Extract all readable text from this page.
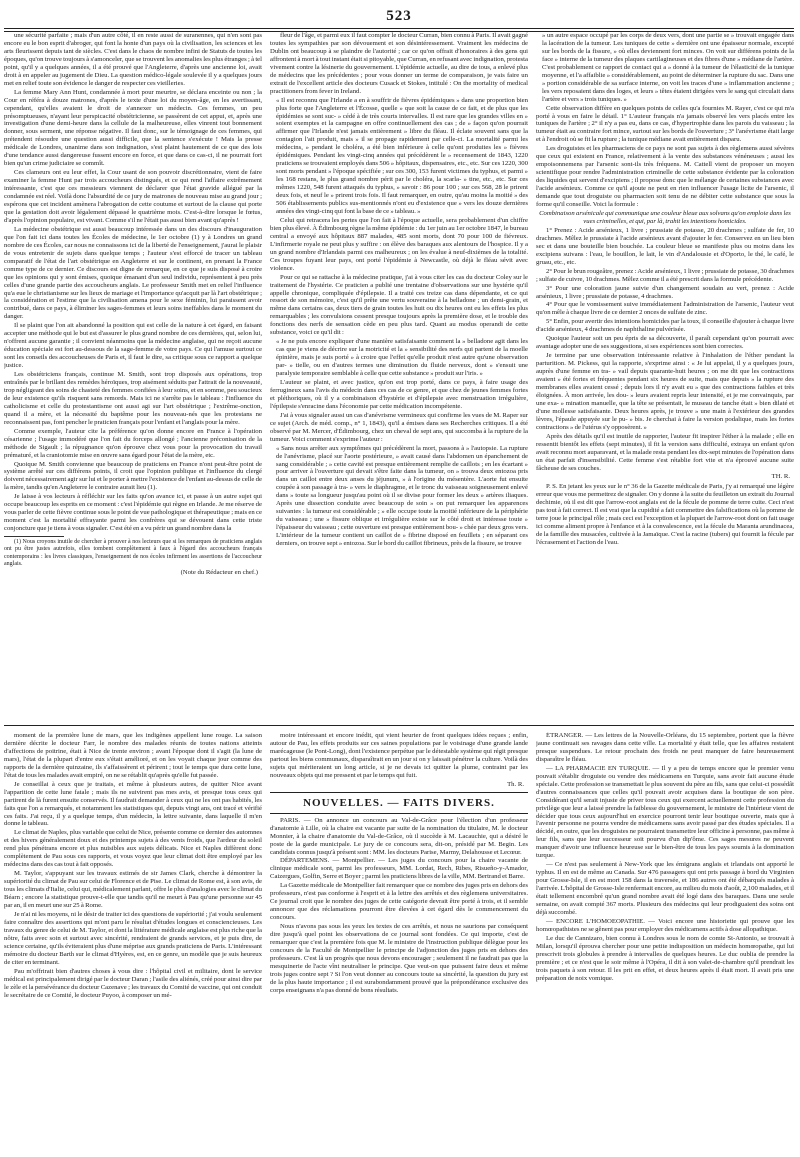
523

une sécurité parfaite ; mais d'un autre côté, il en reste aussi de suranennes, qui n'en sont pas encore eu le bon esprit d'abroger, qui font la honte d'un pays où la civilisation, les sciences et les arts fleurissent depuis tant de siècles. C'est dans le chaos de nombre infini de Statuts de toutes les époques, qu'on trouve toujours à s'amonceler, que se trouvent les anomalies les plus étranges ; à tel point, qu'il y a quelques années, il a été prouvé que l'Angleterre, d'après une ancienne loi, avait droit à en appeler au jugement de Dieu. La question médico-légale soulevée il y a quelques jours met en relief toute son évidence le danger de respecter ces vieilleries.

La femme Mary Ann Hunt, condamnée à mort pour meurtre, se déclara enceinte ou non ; la Cour en référa à douze matrones, d'après le texte d'une loi du moyen-âge, en les avertissant, cependant, qu'elles avaient le droit de s'annexer un médecin. Ces femmes, un peu présomptueuses, n'ayant leur perspicacité obstétricienne, se passèrent de cet appui, et, après une investigation d'une demi-heure dans la cellule de la malheureuse, elles vinrent tout bonnement donner, sous serment, une réponse négative. Il faut donc, sur le témoignage de ces femmes, qui prétendent résoudre une question aussi difficile, que la sentence s'exécute ! Mais la presse médicale de Londres, unanime dans son indignation, s'est plaint hautement de ce que des lois d'une tendance aussi dangereuse fussent encore en force, et que dans ce cas-ci, il ne pourrait fort bien qu'un crime judiciaire se commît.

Ces clameurs ont eu leur effet, la Cour usant de son pouvoir discrétionnaire, vient de faire examiner la femme Hunt par trois accoucheurs distingués, et ce qui rend l'affaire extrêmement intéressante, c'est que ces messieurs viennent de déclarer que l'état gravide allégué par la condamnée est réel. Voilà donc l'absurdité de ce jury de matrones de nouveau mise au grand jour ; espérons que cet incident amènera l'abrogation de cette coutume et surtout de la clause qui porte que la gestation doit avoir légalement dépassé le quatrième mois. C'est-à-dire lorsque le fœtus, d'après l'opinion populaire, est vivant. Comme s'il ne l'était pas aussi bien avant qu'après !

La médecine obstétrique est aussi beaucoup intéressée dans un des discours d'inauguration que l'on fait ici dans toutes les Écoles de médecine, le 1er octobre (1) y à Londres un grand nombre de ces Écoles, car nous ne connaissons ici de la liberté de l'enseignement, j'aurai le plaisir de vous entretenir de sujets dans quelque temps ; l'auteur s'est efforcé de tracer un tableau comparatif de l'état de l'art obstétrique en Angleterre et sur le continent, en prenant la France comme type de ce dernier. Ce discours est digne de remarque, en ce que je suis disposé à croire que les opinions qui y sont émises, quoique émanant d'un seul individu, représentent à peu près celles d'une grande partie des accoucheurs anglais. Le professeur Smith met en relief l'influence qu'a eue le christianisme sur les lieux de mariage et l'importance qu'acquit par là l'art obstétrique ; la considération et l'estime que la civilisation amena pour le sexe féminin, lui paraissent avoir contribué, dans ce pays, à éliminer les sages-femmes et leurs soins ineffables dans le moment du danger.

Il se plaint que l'on ait abandonné la position qui est celle de la nature à cet égard, en faisant accepter une méthode qui le but est d'assurer le plus grand nombre de ces dernières, qui, selon lui, n'offrent aucune garantie ; il convient néanmoins que la médecine anglaise, qui ne reçoit aucune éducation spéciale est fort au-dessous de la sage-femme de votre pays. Ce qui l'amuse surtout ce sont les conseils des accoucheuses de Paris et, il faut le dire, sa critique sous ce rapport a quelque justice.

Les obstétriciens français, continue M. Smith, sont trop disposés aux opérations, trop entraînés par le brillant des remèdes héroïques, trop aisément séduits par l'attrait de la nouveauté, trop négligeant des soins de chasteté des femmes confiées à leur soins, et en somme, peu soucieux de leur existence qu'ils risquent sans remords. Mais ici ne s'arrête pas le tableau : l'influence du catholicisme et celle du protestantisme ont aussi agi sur l'art obstétrique ; l'extrême-onction, quand il a mère, et la nécessité du baptême pour les nouveau-nés que les protestans ne reconnaissent pas, font pencher le praticien français pour l'enfant et l'anglais pour la mère.

Comme exemple, l'auteur cite la préférence qu'on donne encore en France à l'opération césarienne ; l'usage immodéré que l'on fait du forceps allongé ; l'ancienne préconisation de la méthode de Sigault ; la répugnance qu'on éprouve chez vous pour la provocation du travail prématuré, et la craniotomie mise en œuvre sans égard pour l'état de la mère, etc.

Quoique M. Smith convienne que beaucoup de praticiens en France n'ont peut-être point de système arrêté sur ces différens points, il croit que l'opinion publique et l'influence du clergé doivent nécessairement agir sur lui et le porter à mettre l'existence de l'enfant au-dessus de celle de la mère, tandis qu'en Angleterre le contraire aurait lieu (1).

Je laisse à vos lecteurs à réfléchir sur les faits qu'on avance ici, et passe à un autre sujet qui occupe beaucoup les esprits en ce moment : c'est l'épidémie qui règne en Irlande. Je me réserve de vous parler de cette fièvre continue sous le point de vue pathologique et thérapeutique ; mais en ce moment c'est la mortalité effrayante parmi les confrères qui se dévouent dans cette triste conjoncture que je tiens à vous signaler. C'est été en a vu périr un grand nombre dans la

(1) Nous croyons inutile de chercher à prouver à nos lecteurs que si les remarques de praticiens anglais ont pu être justes autrefois, elles tombent complètement à faux à l'égard des accoucheurs français contemporains : les livres classiques, l'enseignement de nos écoles infirment les assertions de l'accoucheur anglais.

(Note du Rédacteur en chef.)

fleur de l'âge, et parmi eux il faut compter le docteur Curran, bien connu à Paris. Il avait gagné toutes les sympathies par son dévouement et son désintéressement. Vraiment les médecins de Dublin ont beaucoup à se plaindre de l'autorité ; car ce qu'on offrait d'honoraires à des gens qui affrontent à mort à tout instant était si pitoyable, que Curran, en refusant avec indignation, protesta vivement contre la lésinerie du gouvernement. L'épidémie actuelle, au dire de tous, a enlevé plus de médecins que les précédentes ; pour vous donner un terme de comparaison, je vais faire un extrait de l'excellent article des docteurs Cusack et Stokes, intitulé : On the mortality of medical practitioners from fever in Ireland.

« Il est reconnu que l'Irlande a en à souffrir de fièvres épidémiques » dans une proportion bien plus forte que l'Angleterre et l'Écosse, quelle » que soit la cause de ce fait, et de plus que les épidémies se sont suc- » cédé à de très courts intervalles. Il est rare que les grandes villes en » soient exemptes et la campagne en offre continuellement des cas ; de » façon qu'on pourrait affirmer que l'Irlande n'est jamais entièrement » libre du fléau. Il éclate souvent sans que la contagion l'ait produit, mais » il se propage rapidement par celle-ci. La mortalité parmi les médecins, » pendant le choléra, a été bien inférieure à celle qu'ont produites les » fièvres épidémiques. Pendant les vingt-cinq années qui précédèrent le » recensement de 1843, 1220 praticiens se trouvaient employés dans 506 » hôpitaux, dispensaires, etc., etc. Sur ces 1220, 300 sont morts pendant » l'époque spécifiée ; sur ces 300, 153 furent victimes du typhus, et parmi » les 168 restans, le plus grand nombre périt par le choléra, la scarla- » tine, etc., etc. Sur ces mêmes 1220, 548 furent attaqués du typhus, » savoir : 86 pour 100 ; sur ces 568, 28 le prirent deux fois, et neuf le » prirent trois fois. Il faut remarquer, en outre, qu'au moins la moitié » des 506 établissements publics sus-mentionnés n'ont eu d'existence que » vers les douze dernières années des vingt-cinq qui font la base de ce » tableau. »

Celui qui retracera les pertes que l'on fait à l'époque actuelle, sera probablement d'un chiffre bien plus élevé. À Édimbourg règne la même épidémie : du 1er juin au 1er octobre 1847, le bureau central a envoyé aux hôpitaux 887 malades, 485 sont morts, dont 70 pour 100 de fiévreux. L'infirmerie royale ne peut plus y suffire : on élève des baraques aux alentours de l'hospice. Il y a un grand nombre d'Irlandais parmi ces malheureux ; on les évalue à neuf-dixièmes de la totalité. Ces troupes fuyant leur pays, ont porté l'épidémie à Newcastle, où déjà le fléau sévit avec violence.

Pour ce qui se rattache à la médecine pratique, j'ai à vous citer les cas du docteur Coley sur le traitement de l'hystérie. Ce praticien a publié une trentaine d'observations sur une hystérie qu'il appelle chronique, compliquée d'épilepsie. Il a traité ces treize cas dans dépendante, et ce qui ressort de son mémoire, c'est qu'il prête une vertu souveraine à la belladone ; un demi-grain, et même dans certains cas, deux tiers de grain toutes les huit ou dix heures ont eu les effets les plus remarquables ; les convulsions cessent presque toujours après la première dose, et le trouble des fonctions des nerfs de sensation cède en peu plus tard. Quant au modus operandi de cette substance, voici ce qu'il dit :

« Je ne puis encore expliquer d'une manière satisfaisante comment la » belladone agit dans les cas que je viens de décrire sur la motricité et la » sensibilité des nerfs qui partent de la moelle épinière, mais je suis porté » à croire que l'effet qu'elle produit n'est autre qu'une observation par- » tielle, ou en d'autres termes une diminution du fluide nerveux, dont » s'ensuit une paralysie temporaire semblable à celle que cette substance » produit sur l'iris. »

L'auteur se plaint, et avec justice, qu'on est trop porté, dans ce pays, à faire usage des ferrugineux sans l'avis du médecin dans ces cas de ce genre, et que chez de jeunes femmes fortes et pléthoriques, où il y a combinaison d'hystérie et d'épilepsie avec menstruation irrégulière, l'épilepsie s'enracine dans l'économie par cette médication incompétente.

J'ai à vous signaler aussi un cas d'anévrisme vermineux qui confirme les vues de M. Raper sur ce sujet (Arch. de méd. comp., n° 1, 1843), qu'il a émises dans ses Recherches critiques. Il a été observé par M. Mercer, d'Édimbourg, chez un cheval de sept ans, qui succomba à la rupture de la tumeur. Voici comment s'exprime l'auteur :

« Sans nous arrêter aux symptômes qui précédèrent la mort, passons à » l'autopsie. La rupture de l'anévrisme, placé sur l'aorte postérieure, » avait causé dans l'abdomen un épanchement de sang considérable ; » cette cavité est presque entièrement remplie de caillots ; en les écartant » pour arriver à l'ouverture qui devait s'être faite dans la tumeur, on » trouva deux entozoa pris dans un caillot entre deux anses du jéjunum, » à l'origine du mésentère. L'aorte fut ensuite coupée à son passage à tra- » vers le diaphragme, et le tronc du vaisseau soigneusement enlevé dans » toute sa longueur jusqu'au point où il se divise pour former les deux » artères iliaques. Après une dissection conduite avec beaucoup de soin » on put remarquer les apparences suivantes : la tumeur est considérable ; » elle occupe toute la moitié inférieure de la périphérie du vaisseau ; une » fissure oblique et irrégulière existe sur le côté droit et intéresse toute » l'épaisseur du vaisseau ; cette ouverture est presque entièrement bou- » chée par deux gros vers. L'intérieur de la tumeur contient un caillot de » fibrine disposé en feuillets ; en séparant ces derniers, on trouve sept » entozoa. Sur le bord du caillot fibrineux, près de la fissure, se trouve

» un autre espace occupé par les corps de deux vers, dont une partie se » trouvait engagée dans la lacération de la tumeur. Les tuniques de cette » dernière ont une épaisseur normale, excepté sur les bords de la fissure, » où elles deviennent fort minces. On voit sur différens points de la face » interne de la tumeur des plaques cartilagineuses et des fibres d'une » médiane de l'artère. C'est probablement ce rapport de contact qui a » donné à la tumeur de l'élasticité de la tunique moyenne, et l'a affaiblie » considérablement, au point de déterminer la rupture du sac. Dans une » portion considérable de sa surface interne, on voit les traces d'une » inflammation ancienne ; les vers reposaient dans des loges, et leurs » têtes étaient dirigées vers le sang qui circulait dans l'artère et vers » trois tuniques. »

Cette observation diffère en quelques points de celles qu'a fournies M. Rayer, c'est ce qui m'a porté à vous en faire le détail. 1° L'auteur français n'a jamais observé les vers placés entre les tuniques de l'artère ; 2° il n'y a pas eu, dans ce cas, d'hypertrophie dans les parois du vaisseau ; la tumeur était au contraire fort mince, surtout sur les bords de l'ouverture ; 3° l'anévrisme était large et à l'endroit où se fit la rupture ; la tunique médiane avait entièrement disparu.

Les droguistes et les pharmaciens de ce pays ne sont pas sujets à des règlemens aussi sévères que ceux qui existent en France, relativement à la vente des substances vénéneuses ; aussi les empoisonnemens par l'arsenic sont-ils très fréquens. M. Cattell vient de proposer un moyen scientifique pour rendre l'administration criminelle de cette substance évidente par la coloration des liquides qui servent d'excipiens ; il propose donc que le mélange de certaines substances avec l'acide arsénieux. Comme ce qu'il ajoute ne peut en rien influencer l'usage licite de l'arsenic, il demande que tout droguiste ou pharmacien soit tenu de ne débiter cette substance que sous la forme qu'il conseille. Voici la formule :

Combinaison arsénicale qui communique une couleur bleue aux solvans qu'on emploie dans les vues criminelles, et qui, par là, trahit les intentions homicides.

1° Prenez : Acide arsénieux, 1 livre ; prussiate de potasse, 20 drachmes ; sulfate de fer, 10 drachmes. Mêlez le prussiate à l'acide arsénieux avant d'ajouter le fer. Conservez en un lieu bien sec et dans une bouteille bien bouchée. La couleur bleue se manifeste plus ou moins dans les excipiens suivans : l'eau, le bouillon, le lait, le vin d'Andalousie et d'Oporto, le thé, le café, le gruau, etc., etc.

2° Pour le brun rougeâtre, prenez : Acide arsénieux, 1 livre ; prussiate de potasse, 30 drachmes ; sulfate de cuivre, 10 drachmes. Mêlez comme il a été prescrit dans la formule précédente.

3° Pour une coloration jaune suivie d'un changement soudain au vert, prenez : Acide arsénieux, 1 livre ; prussiate de potasse, 4 drachmes.

4° Pour que le vomissement suive immédiatement l'administration de l'arsenic, l'auteur veut qu'on mêle à chaque livre de ce dernier 2 onces de sulfate de zinc.

5° Enfin, pour avertir des intentions homicides par la toux, il conseille d'ajouter à chaque livre d'acide arsénieux, 4 drachmes de naphthaline pulvérisée.

Quoique l'auteur soit un peu épris de sa découverte, il paraît cependant qu'on pourrait avec avantage adopter une de ses suggestions, si ses expériences sont bien correctes.

Je termine par une observation intéressante relative à l'inhalation de l'éther pendant la parturition. M. Pickess, qui la rapporte, s'exprime ainsi : « Je lui appelai, il y a quelques jours, auprès d'une femme en tra- » vail depuis quarante-huit heures ; on me dit que les contractions avaient » été fortes et fréquentes pendant six heures de suite, mais que depuis » la rupture des membranes elles avaient cessé ; depuis lors il n'y avait eu » que des contractions faibles et très éloignées. À mon arrivée, les dou- » leurs avaient repris leur intensité, et je me convainquis, par une exa- » mination manuelle, que la tête se présentait, le museau de tanche était » bien dilaté et d'une mollesse satisfaisante. Deux heures après, je trouve » une main à l'extérieur des grandes lèvres, l'épaule appuyée sur le pu- » bis. Je cherchai à faire la version podalique, mais les fortes contractions » de l'utérus s'y opposèrent. »

Après des détails qu'il est inutile de rapporter, l'auteur fit inspirer l'éther à la malade ; elle en ressentit bientôt les effets (sept minutes), il fit la version sans difficulté, extraya un enfant qu'on avait reconnu mort auparavant, et la malade resta pendant les dix-sept minutes de l'opération dans un état parfait d'insensibilité. Cette femme s'est rétablie fort vite et n'a éprouvé aucune suite fâcheuse de ses couches.

TH. R.

P. S. En jetant les yeux sur le n° 36 de la Gazette médicale de Paris, j'y ai remarqué une légère erreur que vous me permettrez de signaler. On y donne à la suite du feuilleton un extrait du Journal dechimie, où il est dit que l'arrow-root anglais est de la fécule de pomme de terre cuite. Ceci n'est pas tout à fait correct. Il est vrai que la cupidité a fait commettre des falsifications où la pomme de terre joue le principal rôle ; mais ceci est l'exception et la plupart de l'arrow-root dont on fait usage ici comme aliment propre à l'enfance et à la convalescence, est la fécule du Maranta arundinacea, de la famille des musacées, cultivée à la Jamaïque. C'est la racine (tubers) qui fournit la fécule par l'écrasement et l'action de l'eau.

moment de la première lune de mars, que les indigènes appellent lune rouge. La saison dernière décrite le docteur Farr, le nombre des malades réunis de toutes nations atteints d'affections de poitrine, était à Nice de trente environ ; avant l'époque dont il s'agit (la lune de mars), l'état de la plupart d'entre eux s'était amélioré, et on les voyait chaque jour comme des rapports de la dernière quinzaine, ils s'affaissèrent et périrent ; tout le temps que dura cette lune, l'état de tous les malades avait empiré, on ne se rétablit qu'après qu'elle fut passée.

Je conseillai à ceux que je traitais, et même à plusieurs autres, de quitter Nice avant l'apparition de cette lune fatale ; mais ils ne suivirent pas mes avis, et presque tous ceux qui partirent de là furent ensuite conservés. Il faudrait demander à ceux qui ne les ont pas habités, les faits que l'on a remarqués, et notamment les statistiques qui, depuis vingt ans, ont tracé et vérifié ces faits. J'ai reçu, il y a quelque temps, d'un médecin, la lettre suivante, dans laquelle il m'en donne le tableau.

Le climat de Naples, plus variable que celui de Nice, présente comme ce dernier des automnes et des hivers généralement doux et des printemps sujets à des vents froids, que l'ardeur du soleil rend plus pénétrans encore et plus nuisibles aux sujets délicats. Nice et Naples diffèrent donc complètement de Pau sous ces rapports, et vous voyez que leur climat doit être employé par les médecins dans des cas tout à fait opposés.

M. Taylor, s'appuyant sur les travaux estimés de sir James Clark, cherche à démontrer la supériorité du climat de Pau sur celui de Florence et de Pise. Le climat de Rome est, à son avis, de tous les climats d'Italie, celui qui, médicalement parlant, offre le plus d'analogies avec le climat du Béarn ; encore la statistique prouve-t-elle que tandis qu'il ne meurt à Pau qu'une personne sur 45 par an, il en meurt une sur 25 à Rome.

Je n'ai ni les moyens, ni le désir de traiter ici des questions de supériorité ; j'ai voulu seulement faire connaître des assertions qui m'ont paru le résultat d'études longues et consciencieuses. Les travaux du genre de celui de M. Taylor, et dont la littérature médicale anglaise est plus riche que la nôtre, faits avec soin et surtout avec sincérité, rendraient de grands services, et je puis dire, de science certaine, qu'ils éviteraient plus d'une méprise aux grands praticiens de Paris. L'intéressant mémoire du docteur Barth sur le climat d'Hyères, est, en ce genre, un modèle que je suis heureux de citer en terminant.

Pau m'offrirait bien d'autres choses à vous dire : l'hôpital civil et militaire, dont le service médical est principalement dirigé par le docteur Daran ; l'asile des aliénés, créé pour ainsi dire par le zèle et la persévérance du docteur Cazenave ; les travaux du Comité de vaccine, qui ont conduit le secrétaire de ce Comité, le docteur Puyoo, à composer un mé-

moire intéressant et encore inédit, qui vient heurter de front quelques idées reçues ; enfin, autour de Pau, les effets produits sur ces saines populations par le voisinage d'une grande lande marécageuse (le Pont-Long), dont l'existence perpétue par le détestable système qui régit presque partout les biens communaux, disparaîtrait en un jour si on y laissait pénétrer la culture. Voilà des sujets qui mériteraient un long article, si je ne devais ici quitter la plume, contraint par les nouveaux objets qui me pressent et par le temps qui fuit.

Th. R.
NOUVELLES. — FAITS DIVERS.

PARIS. — On annonce un concours au Val-de-Grâce pour l'élection d'un professeur d'anatomie à Lille, où la chaire est vacante par suite de la nomination du titulaire, M. le docteur Monnier, à la chaire d'anatomie du Val-de-Grâce, où il succède à M. Lacauchie, qui a désiré le poste de la garde municipale. Le jury de ce concours sera, dit-on, présidé par M. Begin. Les candidats connus jusqu'à présent sont : MM. les docteurs Parise, Marmy, Delahousse et Lecœur.

DÉPARTEMENS. — Montpellier. — Les juges du concours pour la chaire vacante de clinique médicale sont, parmi les professeurs, MM. Lordat, Rech, Ribes, Risueño-y-Amador, Caizergues, Golfin, Serre et Boyer ; parmi les praticiens libres de la ville, MM. Bertrand et Barre.

La Gazette médicale de Montpellier fait remarquer que ce nombre des juges pris en dehors des professeurs, n'est pas conforme à l'esprit et à la lettre des arrêtés et des règlemens universitaires. Ce journal croit que le nombre des juges de cette catégorie devrait être porté à trois, et il semble annoncer que des réclamations pourront être élevées à cet égard dès le commencement du concours.

Nous n'avons pas sous les yeux les textes de ces arrêtés, et nous ne saurions par conséquent dire jusqu'à quel point les observations de ce journal sont fondées. Ce qui importe, c'est de remarquer que c'est la première fois que M. le ministre de l'instruction publique délègue pour les concours de la Faculté de Montpellier le principe de l'adjonction des juges pris en dehors des professeurs. C'est là un progrès que nous devons encourager ; seulement il ne faudrait pas que la mesquinerie de l'acte vînt neutraliser le principe. Que veut-on que puissent faire deux et même trois juges contre sept ? Si l'on veut donner au concours toute sa sincérité, la question du jury est de la plus haute importance ; il est surabondamment prouvé que la prépondérance exclusive des corps enseignans n'a pas donné de bons résultats.

ÉTRANGER. — Les lettres de la Nouvelle-Orléans, du 15 septembre, portent que la fièvre jaune continuait ses ravages dans cette ville. La mortalité y était telle, que les affaires restaient presque suspendues. Le retour prochain des froids ne peut manquer de faire heureusement disparaître le fléau.

— LA PHARMACIE EN TURQUIE. — Il y a peu de temps encore que le premier venu pouvait s'établir droguiste ou vendre des médicamens en Turquie, sans avoir fait aucune étude spéciale. Cette profession se transmettait le plus souvent du père au fils, sans que celui-ci possédât d'autres connaissances que celles qu'il pouvait avoir acquises dans la boutique de son père. Considérant qu'il serait injuste de priver tous ceux qui exercent actuellement cette profession du privilège que leur a laissé prendre la faiblesse du gouvernement, le ministre de l'intérieur vient de décider que tous ceux aujourd'hui en exercice pourront tenir leur boutique ouverte, mais que à l'avenir personne ne pourra vendre de médicamens sans avoir passé par des études spéciales. Il a décidé, en outre, que les droguistes ne pourraient transmettre leur officine à personne, pas même à leur fils, sans que leur successeur soit pourvu d'un dip'ôme. Ces sages mesures ne peuvent manquer d'avoir une influence heureuse sur le bien-être de tous les pays soumis à la domination turque.

— Ce n'est pas seulement à New-York que les émigrans anglais et irlandais ont apporté le typhus. Il en est de même au Canada. Sur 476 passagers qui ont pris passage à bord du Virginien pour Grosse-Isle, il en est mort 158 dans la traversée, et 186 autres ont été débarqués malades à l'arrivée. L'hôpital de Grosse-Isle renfermait encore, au milieu du mois d'août, 2,100 malades, et il était tellement encombré qu'un grand nombre avait été logé dans des baraques. Dans une seule semaine, on avait compté 367 morts. Plusieurs des médecins qui leur prodiguaient des soins ont déjà succombé.

— ENCORE L'HOMOEOPATHIE. — Voici encore une historiette qui prouve que les homœopathistes ne se gênent pas pour employer des médicamens actifs à dose allopathique.

Le duc de Cannizaro, bien connu à Londres sous le nom de comte St-Antonio, se trouvait à Milan, lorsqu'il éprouva chercher pour une petite indisposition un médecin homœopathe, qui lui prescrivit trois globules à prendre à intervalles de quelques heures. Le duc oublia de prendre la première ; et ce n'est que le soir même à l'Opéra, il dit à son valet-de-chambre qu'il prendrait les trois paquets à son retour. Il les prit en effet, et deux heures après il était mort. Il avait pris une préparation de noix vomique.
